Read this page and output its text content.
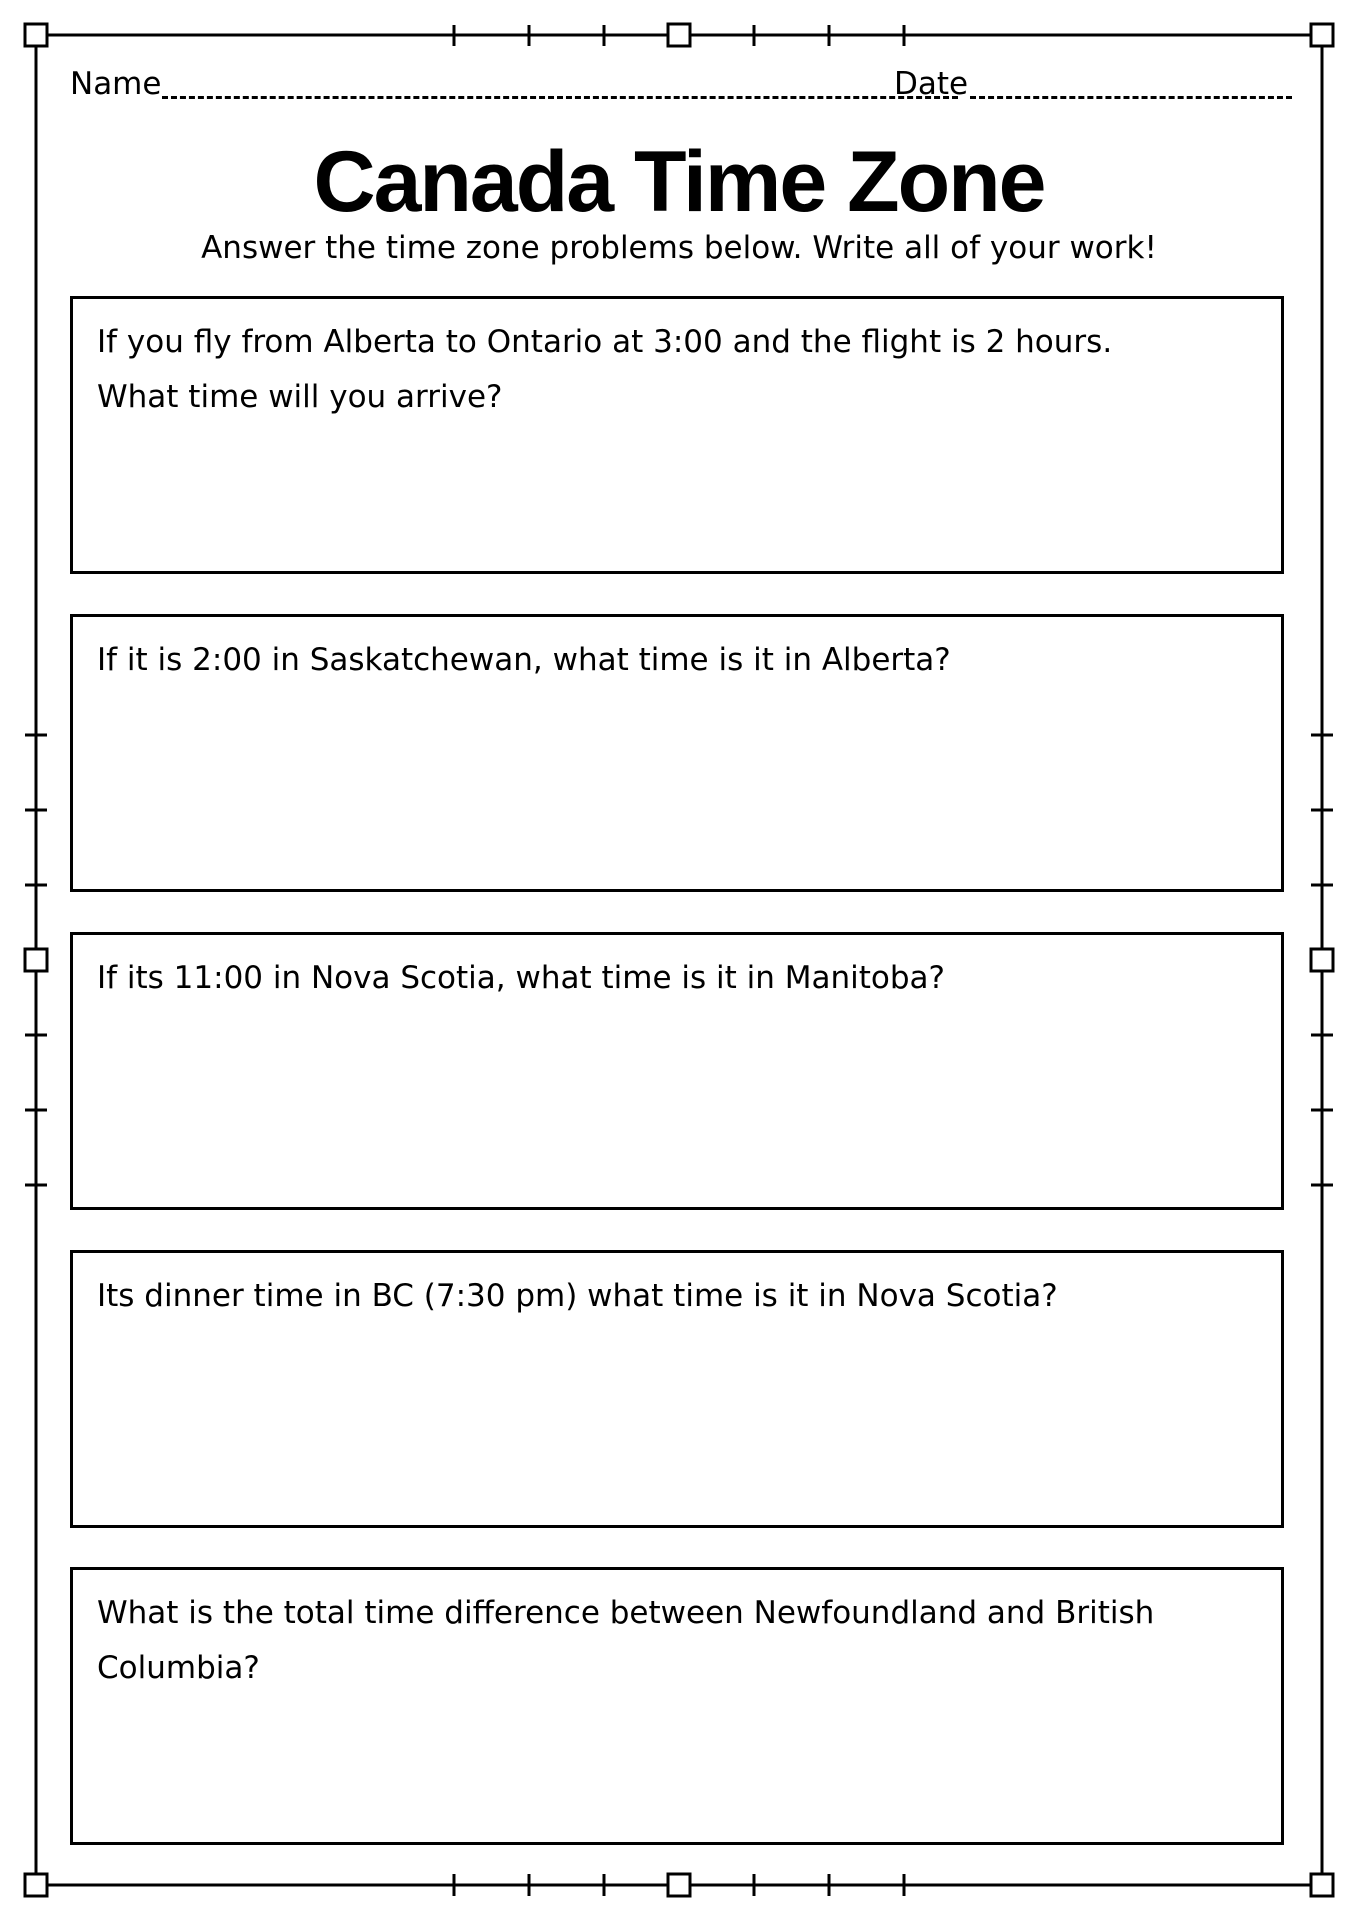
Name	Date
Canada Time Zone
Answer the time zone problems below. Write all of your work!

If you fly from Alberta to Ontario at 3:00 and the flight is 2 hours.

What time will you arrive?

If it is 2:00 in Saskatchewan, what time is it in Alberta?

If its 11:00 in Nova Scotia, what time is it in Manitoba?

Its dinner time in BC (7:30 pm) what time is it in Nova Scotia?

What is the total time difference between Newfoundland and British Columbia?
